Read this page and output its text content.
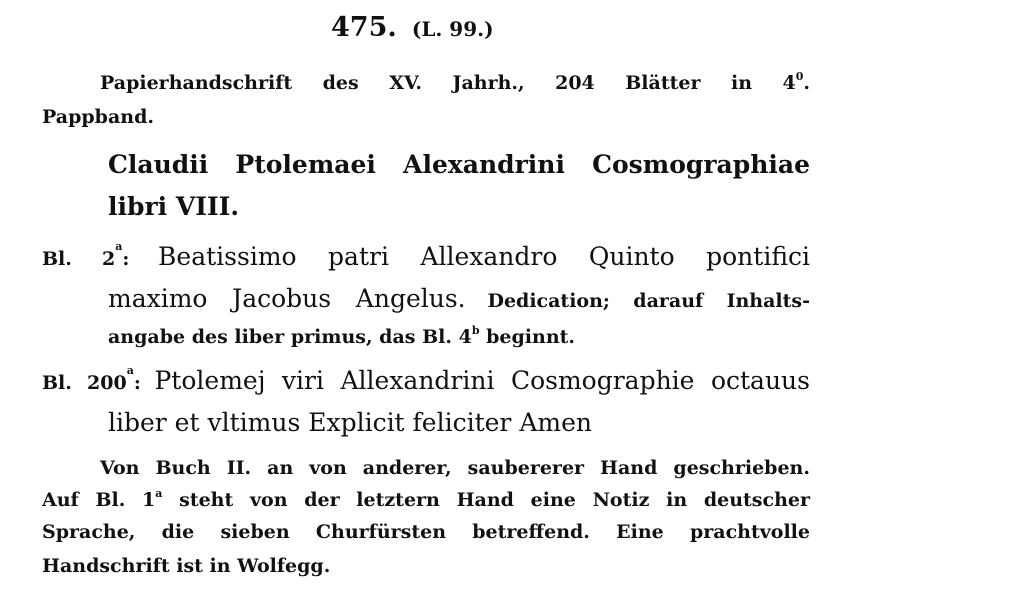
475. (L. 99.)
Papierhandschrift des XV. Jahrh., 204 Blätter in $4^0$.
Pappband.
Claudii Ptolemaei Alexandrini Cosmographiae
libri VIII.
Bl. 2$^a$: Beatissimo patri Allexandro Quinto pontifici
maximo Jacobus Angelus. Dedication; darauf Inhalts-
angabe des liber primus, das Bl. 4$^b$ beginnt.
Bl. 200$^a$: Ptolemej viri Allexandrini Cosmographie octauus
liber et vltimus Explicit feliciter Amen
Von Buch II. an von anderer, saubererer Hand geschrieben.
Auf Bl. 1$^a$ steht von der letztern Hand eine Notiz in deutscher
Sprache, die sieben Churfürsten betreffend. Eine prachtvolle
Handschrift ist in Wolfegg.
